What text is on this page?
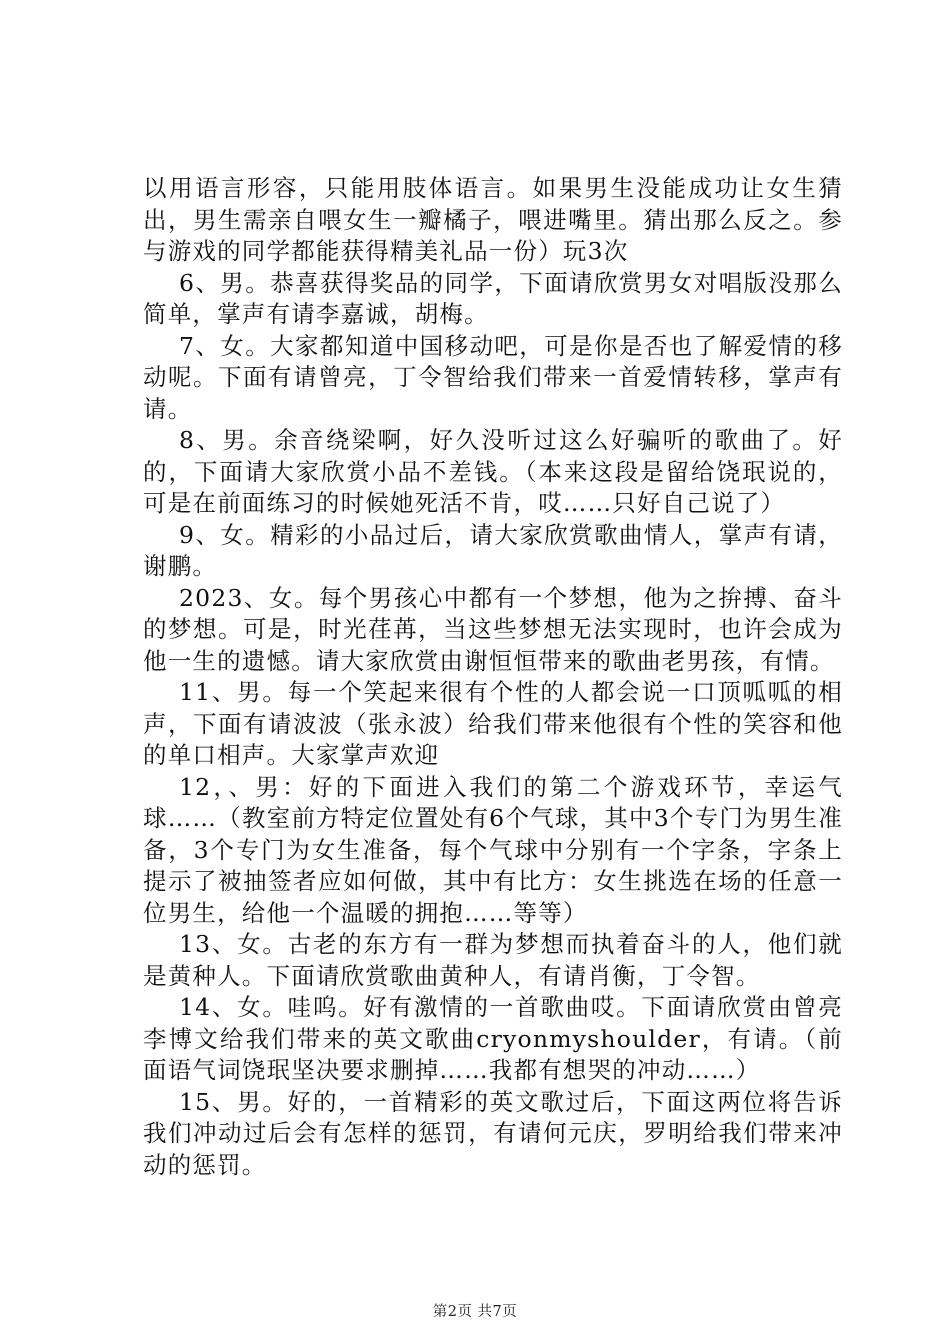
以用语言形容，只能用肢体语言。如果男生没能成功让女生猜出，男生需亲自喂女生一瓣橘子，喂进嘴里。猜出那么反之。参与游戏的同学都能获得精美礼品一份）玩3次

6、男。恭喜获得奖品的同学，下面请欣赏男女对唱版没那么简单，掌声有请李嘉诚，胡梅。

7、女。大家都知道中国移动吧，可是你是否也了解爱情的移动呢。下面有请曾亮，丁令智给我们带来一首爱情转移，掌声有请。

8、男。余音绕梁啊，好久没听过这么好骗听的歌曲了。好的，下面请大家欣赏小品不差钱。（本来这段是留给饶珉说的，可是在前面练习的时候她死活不肯，哎……只好自己说了）

9、女。精彩的小品过后，请大家欣赏歌曲情人，掌声有请，谢鹏。

2023、女。每个男孩心中都有一个梦想，他为之拚搏、奋斗的梦想。可是，时光荏苒，当这些梦想无法实现时，也许会成为他一生的遗憾。请大家欣赏由谢恒恒带来的歌曲老男孩，有情。

11、男。每一个笑起来很有个性的人都会说一口顶呱呱的相声，下面有请波波（张永波）给我们带来他很有个性的笑容和他的单口相声。大家掌声欢迎

12，、男：好的下面进入我们的第二个游戏环节，幸运气球……（教室前方特定位置处有6个气球，其中3个专门为男生准备，3个专门为女生准备，每个气球中分别有一个字条，字条上提示了被抽签者应如何做，其中有比方：女生挑选在场的任意一位男生，给他一个温暖的拥抱……等等）

13、女。古老的东方有一群为梦想而执着奋斗的人，他们就是黄种人。下面请欣赏歌曲黄种人，有请肖衡，丁令智。

14、女。哇呜。好有激情的一首歌曲哎。下面请欣赏由曾亮李博文给我们带来的英文歌曲cryonmyshoulder，有请。（前面语气词饶珉坚决要求删掉……我都有想哭的冲动……）

15、男。好的，一首精彩的英文歌过后，下面这两位将告诉我们冲动过后会有怎样的惩罚，有请何元庆，罗明给我们带来冲动的惩罚。

第2页 共7页
